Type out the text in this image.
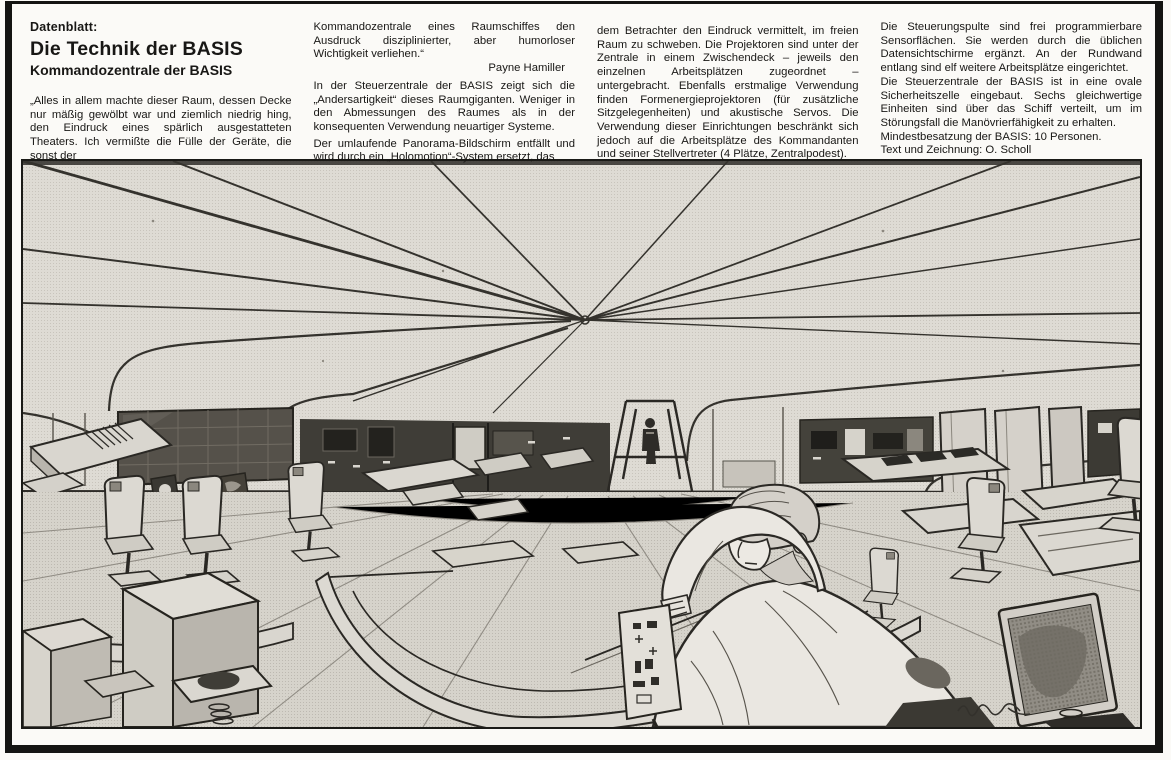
Datenblatt:

Die Technik der BASIS

Kommandozentrale der BASIS

„Alles in allem machte dieser Raum, dessen Decke nur mäßig gewölbt war und ziemlich niedrig hing, den Eindruck eines spärlich ausgestatteten Theaters. Ich vermißte die Fülle der Geräte, die sonst der

Kommandozentrale eines Raumschiffes den Ausdruck disziplinierter, aber humorloser Wichtigkeit verliehen.“

Payne Hamiller

In der Steuerzentrale der BASIS zeigt sich die „Andersartigkeit“ dieses Raumgiganten. Weniger in den Abmessungen des Raumes als in der konsequenten Verwendung neuartiger Systeme.

Der umlaufende Panorama-Bildschirm entfällt und wird durch ein „Holomotion“-System ersetzt, das

dem Betrachter den Eindruck vermittelt, im freien Raum zu schweben. Die Projektoren sind unter der Zentrale in einem Zwischendeck – jeweils den einzelnen Arbeitsplätzen zugeordnet – untergebracht. Ebenfalls erstmalige Verwendung finden Formenergieprojektoren (für zusätzliche Sitzgelegenheiten) und akustische Servos. Die Verwendung dieser Einrichtungen beschränkt sich jedoch auf die Arbeitsplätze des Kommandanten und seiner Stellvertreter (4 Plätze, Zentralpodest).

Die Steuerungspulte sind frei programmierbare Sensorflächen. Sie werden durch die üblichen Datensichtschirme ergänzt. An der Rundwand entlang sind elf weitere Arbeitsplätze eingerichtet.

Die Steuerzentrale der BASIS ist in eine ovale Sicherheitszelle eingebaut. Sechs gleichwertige Einheiten sind über das Schiff verteilt, um im Störungsfall die Manövrierfähigkeit zu erhalten.

Mindestbesatzung der BASIS: 10 Personen.

Text und Zeichnung: O. Scholl
